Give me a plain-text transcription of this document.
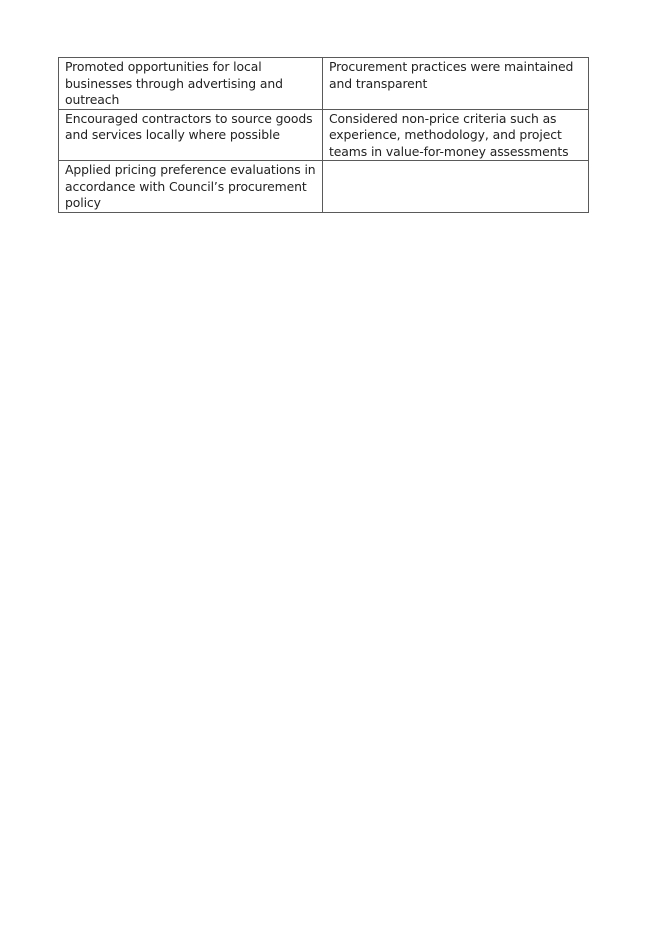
Promoted opportunities for local businesses through advertising and outreach	Procurement practices were maintained and transparent
Encouraged contractors to source goods and services locally where possible	Considered non-price criteria such as experience, methodology, and project teams in value-for-money assessments
Applied pricing preference evaluations in accordance with Council’s procurement policy	
